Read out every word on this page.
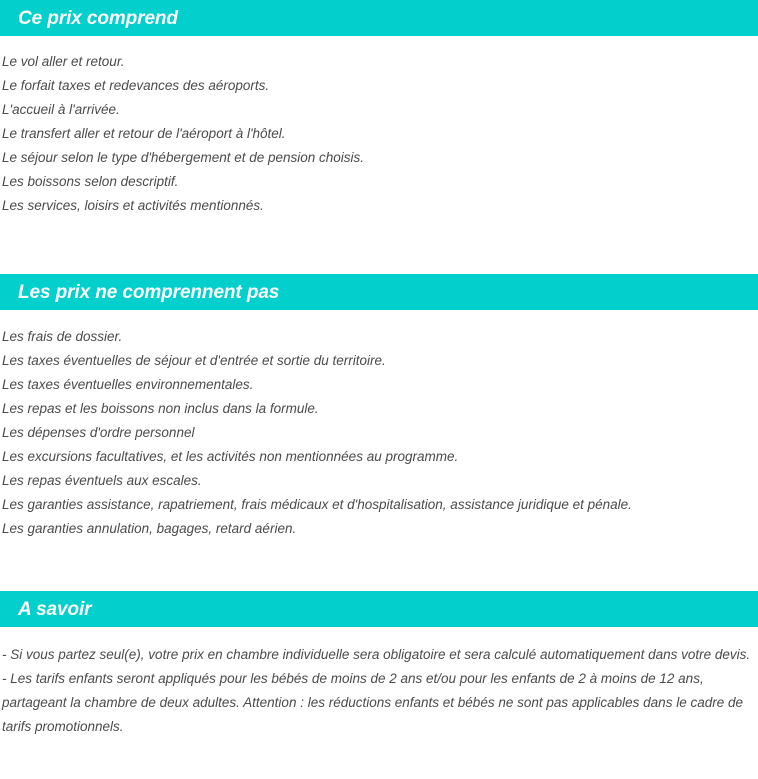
Ce prix comprend
Le vol aller et retour.
Le forfait taxes et redevances des aéroports.
L'accueil à l'arrivée.
Le transfert aller et retour de l'aéroport à l'hôtel.
Le séjour selon le type d'hébergement et de pension choisis.
Les boissons selon descriptif.
Les services, loisirs et activités mentionnés.
Les prix ne comprennent pas
Les frais de dossier.
Les taxes éventuelles de séjour et d'entrée et sortie du territoire.
Les taxes éventuelles environnementales.
Les repas et les boissons non inclus dans la formule.
Les dépenses d'ordre personnel
Les excursions facultatives, et les activités non mentionnées au programme.
Les repas éventuels aux escales.
Les garanties assistance, rapatriement, frais médicaux et d'hospitalisation, assistance juridique et pénale.
Les garanties annulation, bagages, retard aérien.
A savoir
- Si vous partez seul(e), votre prix en chambre individuelle sera obligatoire et sera calculé automatiquement dans votre devis.
- Les tarifs enfants seront appliqués pour les bébés de moins de 2 ans et/ou pour les enfants de 2 à moins de 12 ans, partageant la chambre de deux adultes. Attention : les réductions enfants et bébés ne sont pas applicables dans le cadre de tarifs promotionnels.
